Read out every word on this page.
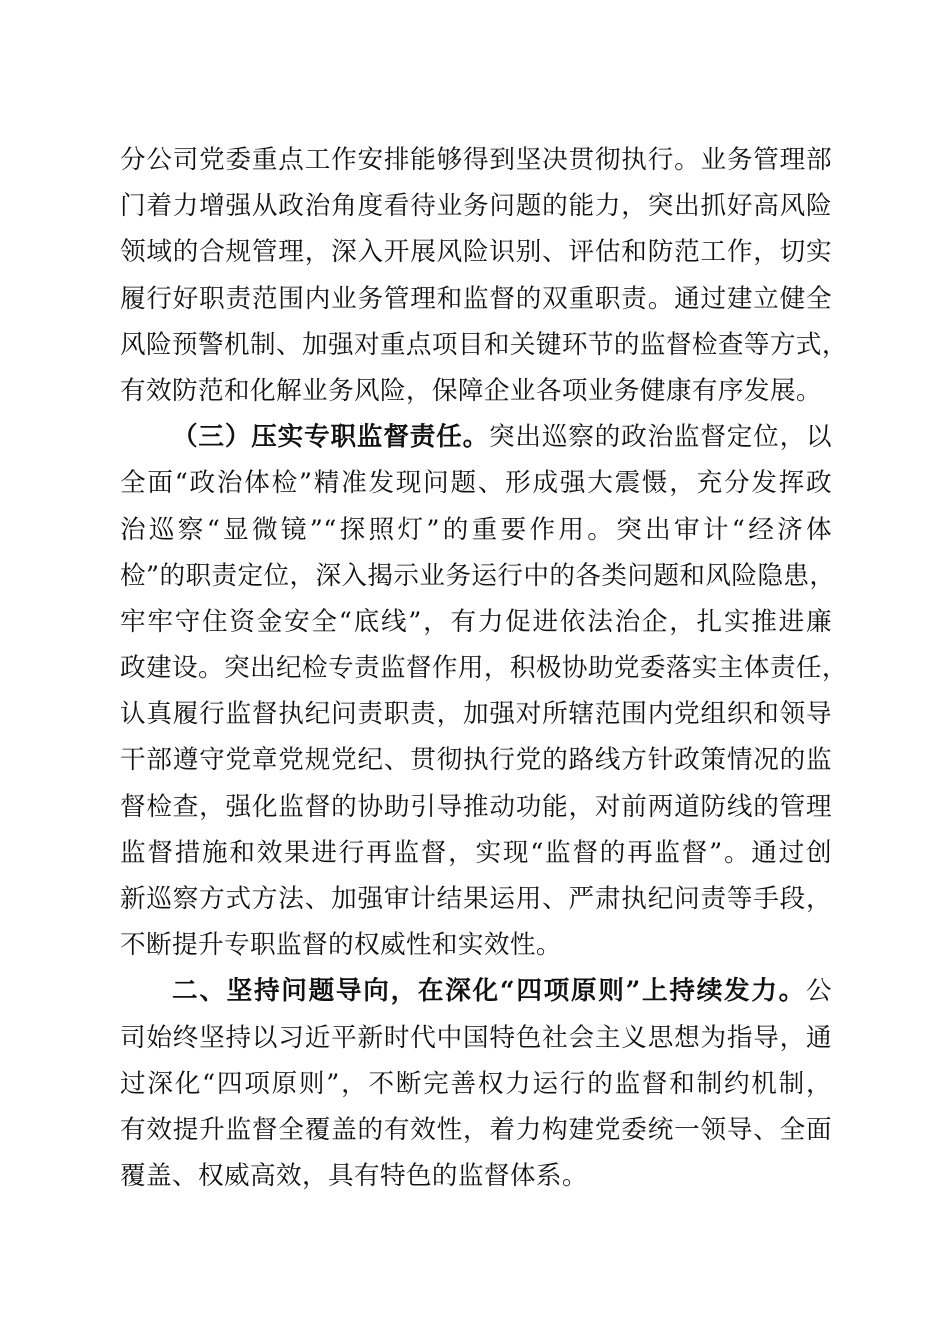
分公司党委重点工作安排能够得到坚决贯彻执行。业务管理部
门着力增强从政治角度看待业务问题的能力，突出抓好高风险
领域的合规管理，深入开展风险识别、评估和防范工作，切实
履行好职责范围内业务管理和监督的双重职责。通过建立健全
风险预警机制、加强对重点项目和关键环节的监督检查等方式，
有效防范和化解业务风险，保障企业各项业务健康有序发展。
（三）压实专职监督责任。突出巡察的政治监督定位，以
全面“政治体检”精准发现问题、形成强大震慑，充分发挥政
治巡察“显微镜”“探照灯”的重要作用。突出审计“经济体
检”的职责定位，深入揭示业务运行中的各类问题和风险隐患，
牢牢守住资金安全“底线”，有力促进依法治企，扎实推进廉
政建设。突出纪检专责监督作用，积极协助党委落实主体责任，
认真履行监督执纪问责职责，加强对所辖范围内党组织和领导
干部遵守党章党规党纪、贯彻执行党的路线方针政策情况的监
督检查，强化监督的协助引导推动功能，对前两道防线的管理
监督措施和效果进行再监督，实现“监督的再监督”。通过创
新巡察方式方法、加强审计结果运用、严肃执纪问责等手段，
不断提升专职监督的权威性和实效性。
二、坚持问题导向，在深化“四项原则”上持续发力。公
司始终坚持以习近平新时代中国特色社会主义思想为指导，通
过深化“四项原则”，不断完善权力运行的监督和制约机制，
有效提升监督全覆盖的有效性，着力构建党委统一领导、全面
覆盖、权威高效，具有特色的监督体系。
